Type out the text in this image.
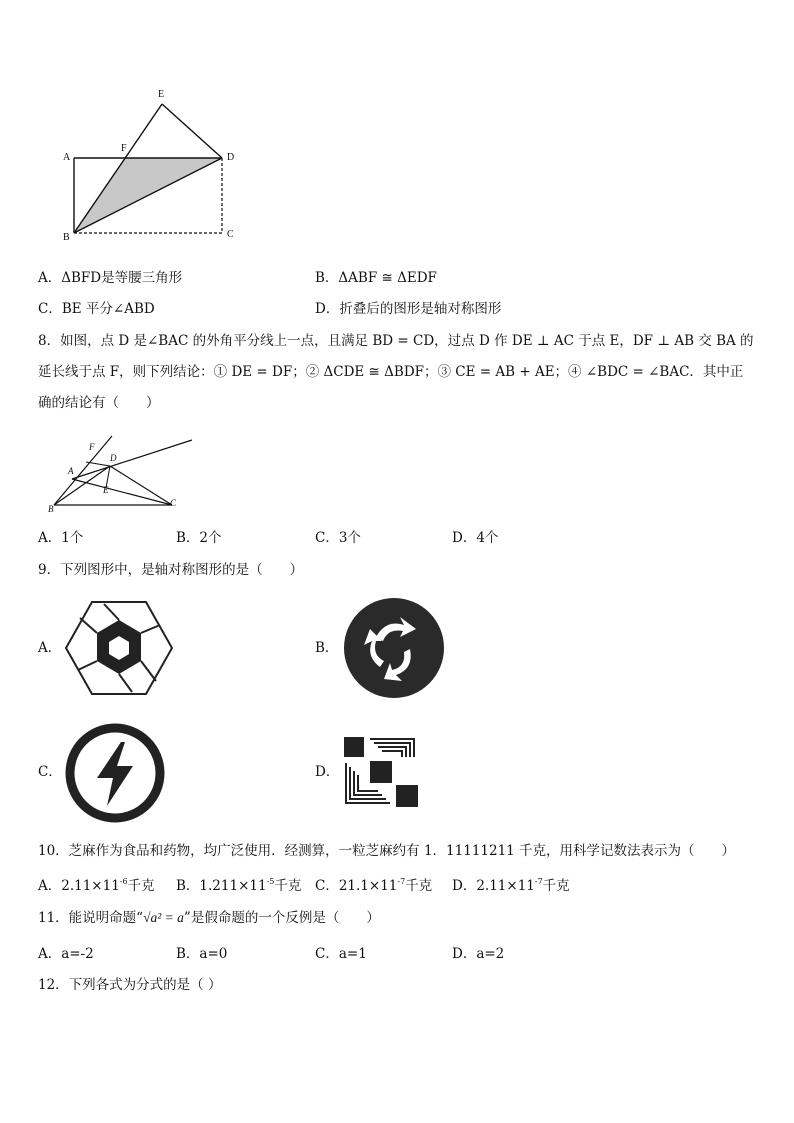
E
F
A	D
B	C
A．ΔBFD是等腰三角形	B．ΔABF ≅ ΔEDF
C．BE 平分∠ABD	D．折叠后的图形是轴对称图形
8．如图，点 D 是∠BAC 的外角平分线上一点，且满足 BD = CD，过点 D 作 DE ⊥ AC 于点 E，DF ⊥ AB 交 BA 的
延长线于点 F，则下列结论：① DE = DF；② ΔCDE ≅ ΔBDF；③ CE = AB + AE；④ ∠BDC = ∠BAC．其中正
确的结论有（　　）
F
D
A
E
B
C
A．1个	B．2个	C．3个	D．4个
9．下列图形中，是轴对称图形的是（　　）
A．	B．
C．	D．
10．芝麻作为食品和药物，均广泛使用．经测算，一粒芝麻约有 1．11111211 千克，用科学记数法表示为（　　）
A．$2.11\times 11^{-6}$千克 B．$1.211\times 11^{-5}$千克 C．$21.1\times 11^{-7}$千克 D．$2.11\times 11^{-7}$千克
11．能说明命题“√a² = a”是假命题的一个反例是（　　）
A．a=-2	B．a=0	C．a=1	D．a=2
12．下列各式为分式的是（ ）
